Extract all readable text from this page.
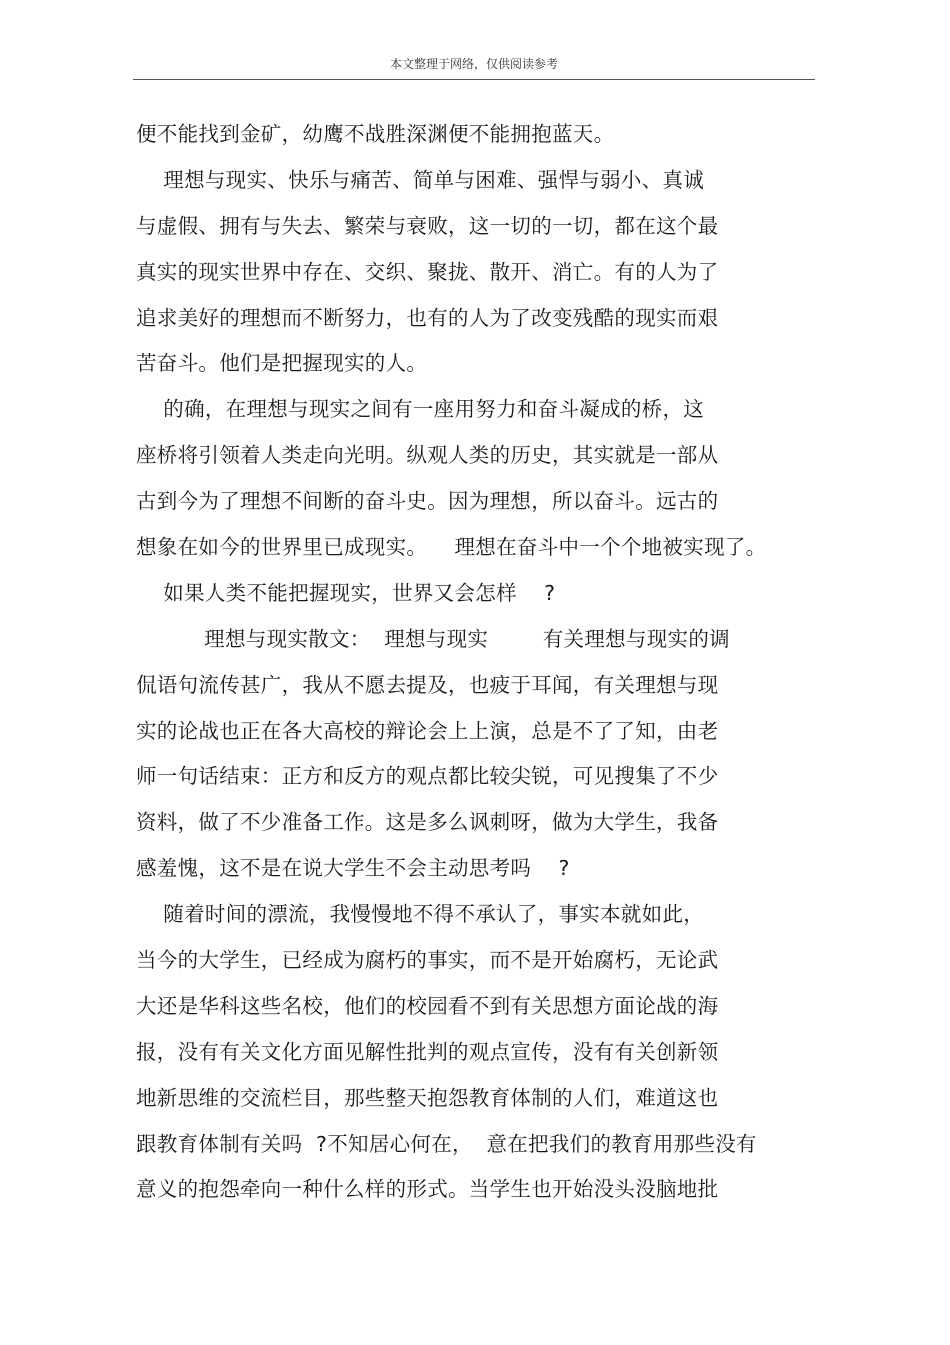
本文整理于网络，仅供阅读参考
便不能找到金矿，幼鹰不战胜深渊便不能拥抱蓝天。
理想与现实、快乐与痛苦、简单与困难、强悍与弱小、真诚
与虚假、拥有与失去、繁荣与衰败，这一切的一切，都在这个最
真实的现实世界中存在、交织、聚拢、散开、消亡。有的人为了
追求美好的理想而不断努力，也有的人为了改变残酷的现实而艰
苦奋斗。他们是把握现实的人。
的确，在理想与现实之间有一座用努力和奋斗凝成的桥，这
座桥将引领着人类走向光明。纵观人类的历史，其实就是一部从
古到今为了理想不间断的奋斗史。因为理想，所以奋斗。远古的
想象在如今的世界里已成现实。    理想在奋斗中一个个地被实现了。
如果人类不能把握现实，世界又会怎样    ?
理想与现实散文：  理想与现实        有关理想与现实的调
侃语句流传甚广，我从不愿去提及，也疲于耳闻，有关理想与现
实的论战也正在各大高校的辩论会上上演，总是不了了知，由老
师一句话结束：正方和反方的观点都比较尖锐，可见搜集了不少
资料，做了不少准备工作。这是多么讽刺呀，做为大学生，我备
感羞愧，这不是在说大学生不会主动思考吗    ?
随着时间的漂流，我慢慢地不得不承认了，事实本就如此，
当今的大学生，已经成为腐朽的事实，而不是开始腐朽，无论武
大还是华科这些名校，他们的校园看不到有关思想方面论战的海
报，没有有关文化方面见解性批判的观点宣传，没有有关创新领
地新思维的交流栏目，那些整天抱怨教育体制的人们，难道这也
跟教育体制有关吗  ?不知居心何在，  意在把我们的教育用那些没有
意义的抱怨牵向一种什么样的形式。当学生也开始没头没脑地批
